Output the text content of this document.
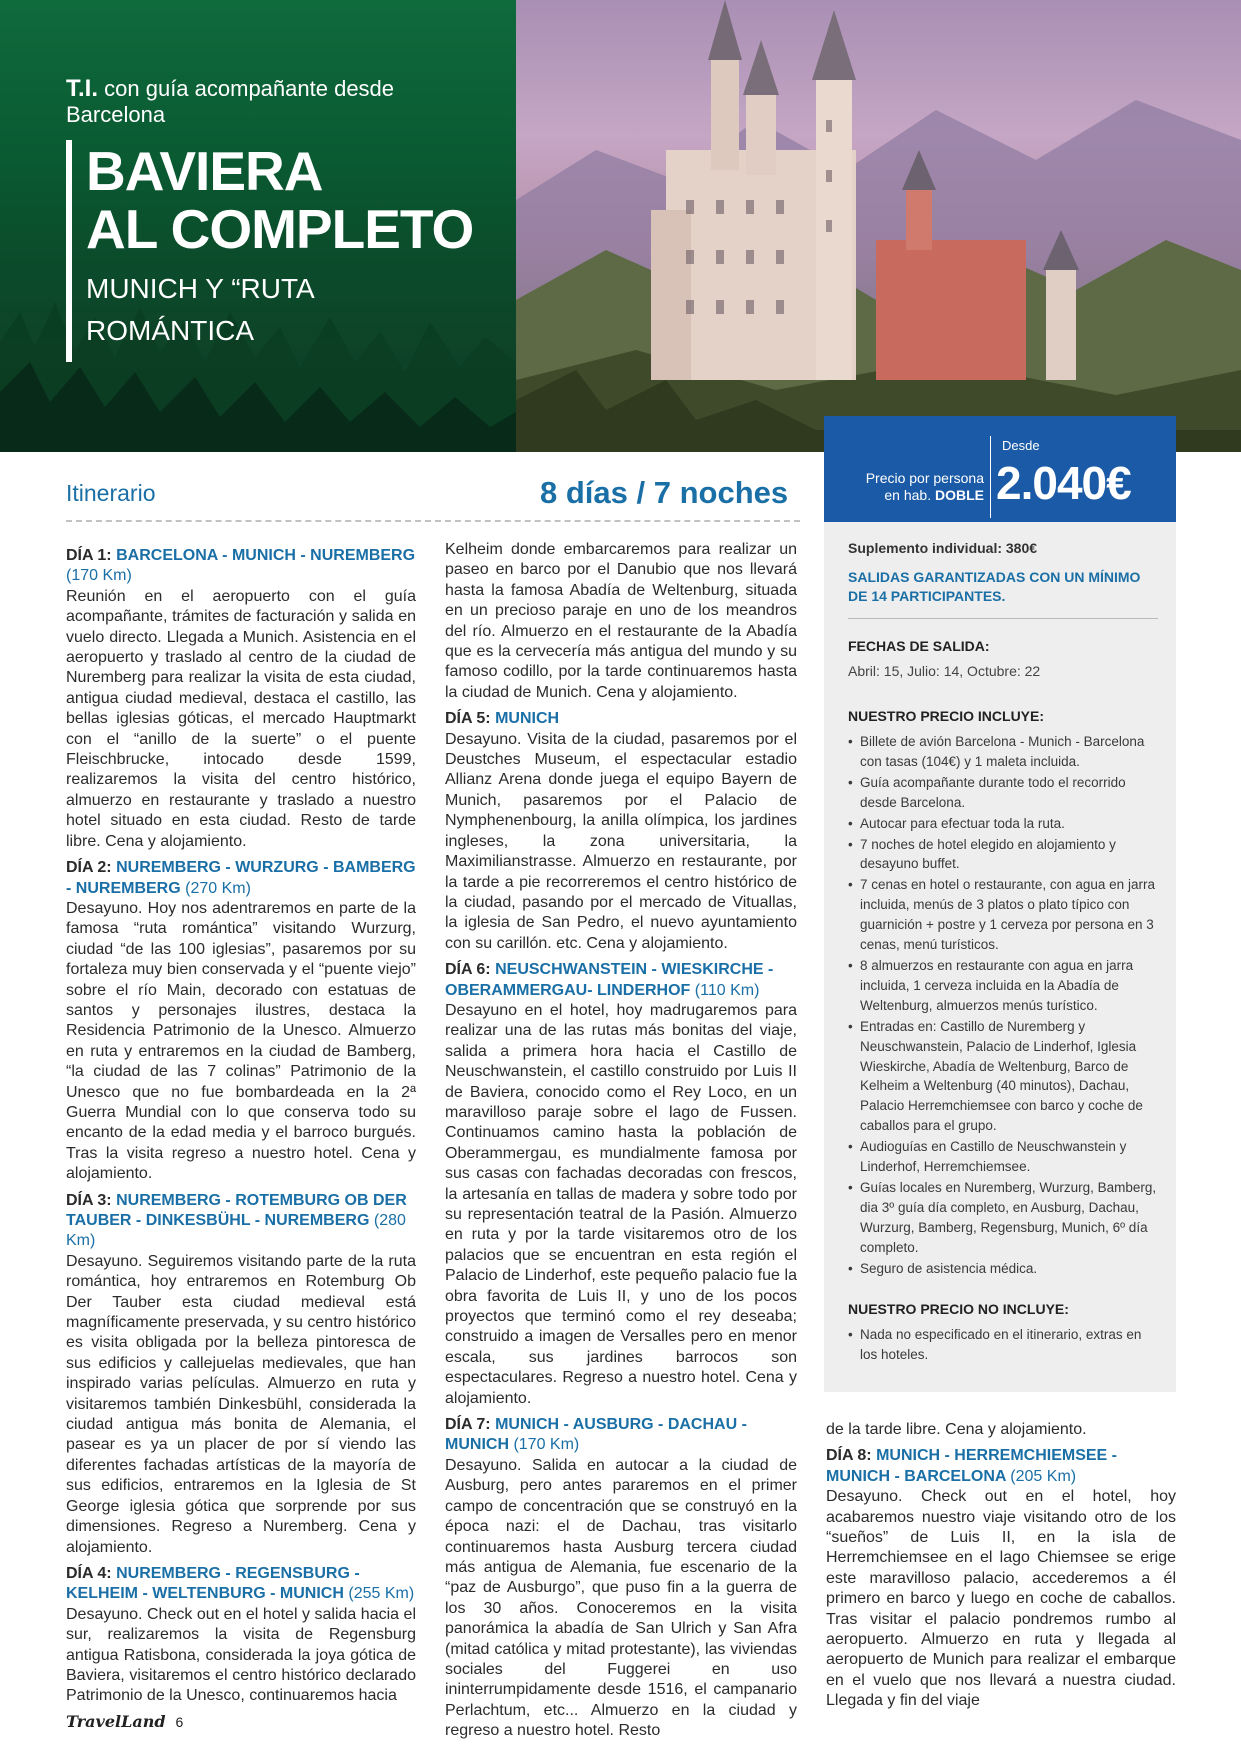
T.I. con guía acompañante desde
Barcelona
BAVIERA
AL COMPLETO
MUNICH Y “RUTA
ROMÁNTICA
Precio por persona
en hab. DOBLE
Desde
2.040€
Suplemento individual: 380€
SALIDAS GARANTIZADAS CON UN MÍNIMO DE 14 PARTICIPANTES.
FECHAS DE SALIDA:
Abril: 15, Julio: 14, Octubre: 22
NUESTRO PRECIO INCLUYE:
• Billete de avión Barcelona - Munich - Barcelona con tasas (104€) y 1 maleta incluida.
• Guía acompañante durante todo el recorrido desde Barcelona.
• Autocar para efectuar toda la ruta.
• 7 noches de hotel elegido en alojamiento y desayuno buffet.
• 7 cenas en hotel o restaurante, con agua en jarra incluida, menús de 3 platos o plato típico con guarnición + postre y 1 cerveza por persona en 3 cenas, menú turísticos.
• 8 almuerzos en restaurante con agua en jarra incluida, 1 cerveza incluida en la Abadía de Weltenburg, almuerzos menús turístico.
• Entradas en: Castillo de Nuremberg y Neuschwanstein, Palacio de Linderhof, Iglesia Wieskirche, Abadía de Weltenburg, Barco de Kelheim a Weltenburg (40 minutos), Dachau, Palacio Herremchiemsee con barco y coche de caballos para el grupo.
• Audioguías en Castillo de Neuschwanstein y Linderhof, Herremchiemsee.
• Guías locales en Nuremberg, Wurzurg, Bamberg, dia 3º guía día completo, en Ausburg, Dachau, Wurzurg, Bamberg, Regensburg, Munich, 6º día completo.
• Seguro de asistencia médica.
NUESTRO PRECIO NO INCLUYE:
• Nada no especificado en el itinerario, extras en los hoteles.
Itinerario	8 días / 7 noches
DÍA 1: BARCELONA - MUNICH - NUREMBERG (170 Km)
Reunión en el aeropuerto con el guía acompañante, trámites de facturación y salida en vuelo directo. Llegada a Munich. Asistencia en el aeropuerto y traslado al centro de la ciudad de Nuremberg para realizar la visita de esta ciudad, antigua ciudad medieval, destaca el castillo, las bellas iglesias góticas, el mercado Hauptmarkt con el “anillo de la suerte” o el puente Fleischbrucke, intocado desde 1599, realizaremos la visita del centro histórico, almuerzo en restaurante y traslado a nuestro hotel situado en esta ciudad. Resto de tarde libre. Cena y alojamiento.
DÍA 2: NUREMBERG - WURZURG - BAMBERG - NUREMBERG (270 Km)
Desayuno. Hoy nos adentraremos en parte de la famosa “ruta romántica” visitando Wurzurg, ciudad “de las 100 iglesias”, pasaremos por su fortaleza muy bien conservada y el “puente viejo” sobre el río Main, decorado con estatuas de santos y personajes ilustres, destaca la Residencia Patrimonio de la Unesco. Almuerzo en ruta y entraremos en la ciudad de Bamberg, “la ciudad de las 7 colinas” Patrimonio de la Unesco que no fue bombardeada en la 2ª Guerra Mundial con lo que conserva todo su encanto de la edad media y el barroco burgués. Tras la visita regreso a nuestro hotel. Cena y alojamiento.
DÍA 3: NUREMBERG - ROTEMBURG OB DER TAUBER - DINKESBÜHL - NUREMBERG (280 Km)
Desayuno. Seguiremos visitando parte de la ruta romántica, hoy entraremos en Rotemburg Ob Der Tauber esta ciudad medieval está magníficamente preservada, y su centro histórico es visita obligada por la belleza pintoresca de sus edificios y callejuelas medievales, que han inspirado varias películas. Almuerzo en ruta y visitaremos también Dinkesbühl, considerada la ciudad antigua más bonita de Alemania, el pasear es ya un placer de por sí viendo las diferentes fachadas artísticas de la mayoría de sus edificios, entraremos en la Iglesia de St George iglesia gótica que sorprende por sus dimensiones. Regreso a Nuremberg. Cena y alojamiento.
DÍA 4: NUREMBERG - REGENSBURG - KELHEIM - WELTENBURG - MUNICH (255 Km)
Desayuno. Check out en el hotel y salida hacia el sur, realizaremos la visita de Regensburg antigua Ratisbona, considerada la joya gótica de Baviera, visitaremos el centro histórico declarado Patrimonio de la Unesco, continuaremos hacia
Kelheim donde embarcaremos para realizar un paseo en barco por el Danubio que nos llevará hasta la famosa Abadía de Weltenburg, situada en un precioso paraje en uno de los meandros del río. Almuerzo en el restaurante de la Abadía que es la cervecería más antigua del mundo y su famoso codillo, por la tarde continuaremos hasta la ciudad de Munich. Cena y alojamiento.
DÍA 5: MUNICH
Desayuno. Visita de la ciudad, pasaremos por el Deustches Museum, el espectacular estadio Allianz Arena donde juega el equipo Bayern de Munich, pasaremos por el Palacio de Nymphenenbourg, la anilla olímpica, los jardines ingleses, la zona universitaria, la Maximilianstrasse. Almuerzo en restaurante, por la tarde a pie recorreremos el centro histórico de la ciudad, pasando por el mercado de Vituallas, la iglesia de San Pedro, el nuevo ayuntamiento con su carillón. etc. Cena y alojamiento.
DÍA 6: NEUSCHWANSTEIN - WIESKIRCHE - OBERAMMERGAU- LINDERHOF (110 Km)
Desayuno en el hotel, hoy madrugaremos para realizar una de las rutas más bonitas del viaje, salida a primera hora hacia el Castillo de Neuschwanstein, el castillo construido por Luis II de Baviera, conocido como el Rey Loco, en un maravilloso paraje sobre el lago de Fussen. Continuamos camino hasta la población de Oberammergau, es mundialmente famosa por sus casas con fachadas decoradas con frescos, la artesanía en tallas de madera y sobre todo por su representación teatral de la Pasión. Almuerzo en ruta y por la tarde visitaremos otro de los palacios que se encuentran en esta región el Palacio de Linderhof, este pequeño palacio fue la obra favorita de Luis II, y uno de los pocos proyectos que terminó como el rey deseaba; construido a imagen de Versalles pero en menor escala, sus jardines barrocos son espectaculares. Regreso a nuestro hotel. Cena y alojamiento.
DÍA 7: MUNICH - AUSBURG - DACHAU - MUNICH (170 Km)
Desayuno. Salida en autocar a la ciudad de Ausburg, pero antes pararemos en el primer campo de concentración que se construyó en la época nazi: el de Dachau, tras visitarlo continuaremos hasta Ausburg tercera ciudad más antigua de Alemania, fue escenario de la “paz de Ausburgo”, que puso fin a la guerra de los 30 años. Conoceremos en la visita panorámica la abadía de San Ulrich y San Afra (mitad católica y mitad protestante), las viviendas sociales del Fuggerei en uso ininterrumpidamente desde 1516, el campanario Perlachtum, etc... Almuerzo en la ciudad y regreso a nuestro hotel. Resto
de la tarde libre. Cena y alojamiento.
DÍA 8: MUNICH - HERREMCHIEMSEE - MUNICH - BARCELONA (205 Km)
Desayuno. Check out en el hotel, hoy acabaremos nuestro viaje visitando otro de los “sueños” de Luis II, en la isla de Herremchiemsee en el lago Chiemsee se erige este maravilloso palacio, accederemos a él primero en barco y luego en coche de caballos. Tras visitar el palacio pondremos rumbo al aeropuerto. Almuerzo en ruta y llegada al aeropuerto de Munich para realizar el embarque en el vuelo que nos llevará a nuestra ciudad. Llegada y fin del viaje
TravelLand 6
